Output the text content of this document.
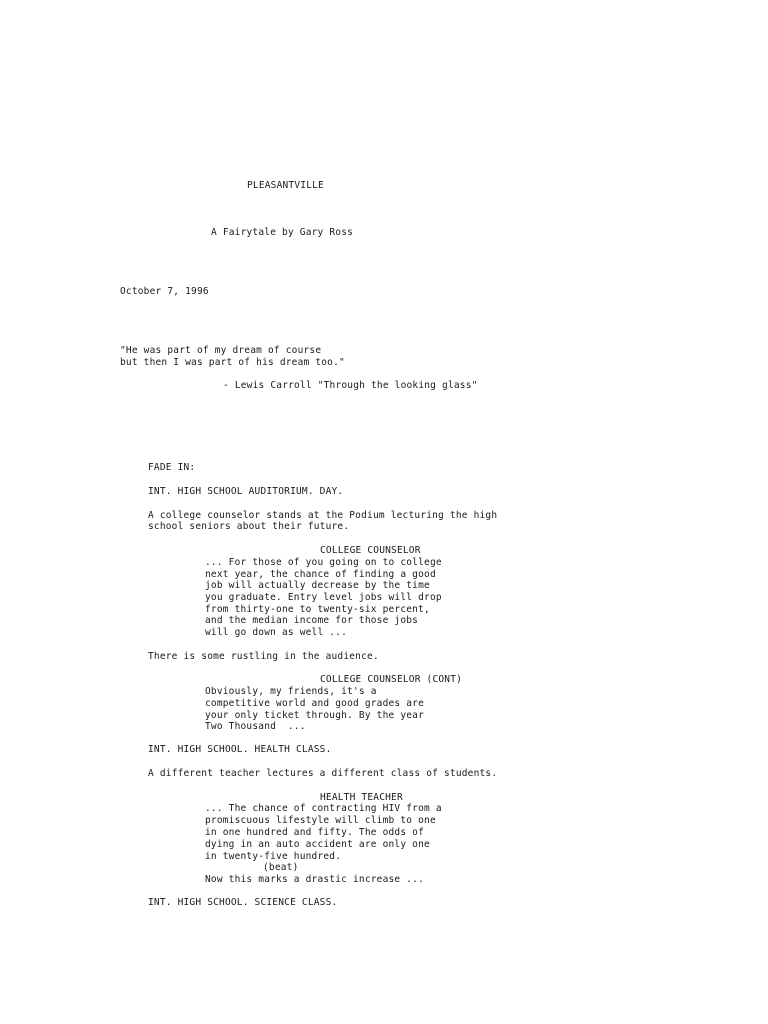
PLEASANTVILLE
A Fairytale by Gary Ross
October 7, 1996
"He was part of my dream of course
but then I was part of his dream too."
- Lewis Carroll "Through the looking glass"
FADE IN:
INT. HIGH SCHOOL AUDITORIUM. DAY.
A college counselor stands at the Podium lecturing the high
school seniors about their future.
COLLEGE COUNSELOR
... For those of you going on to college
next year, the chance of finding a good
job will actually decrease by the time
you graduate. Entry level jobs will drop
from thirty-one to twenty-six percent,
and the median income for those jobs
will go down as well ...
There is some rustling in the audience.
COLLEGE COUNSELOR (CONT)
Obviously, my friends, it's a
competitive world and good grades are
your only ticket through. By the year
Two Thousand  ...
INT. HIGH SCHOOL. HEALTH CLASS.
A different teacher lectures a different class of students.
HEALTH TEACHER
... The chance of contracting HIV from a
promiscuous lifestyle will climb to one
in one hundred and fifty. The odds of
dying in an auto accident are only one
in twenty-five hundred.
(beat)
Now this marks a drastic increase ...
INT. HIGH SCHOOL. SCIENCE CLASS.
